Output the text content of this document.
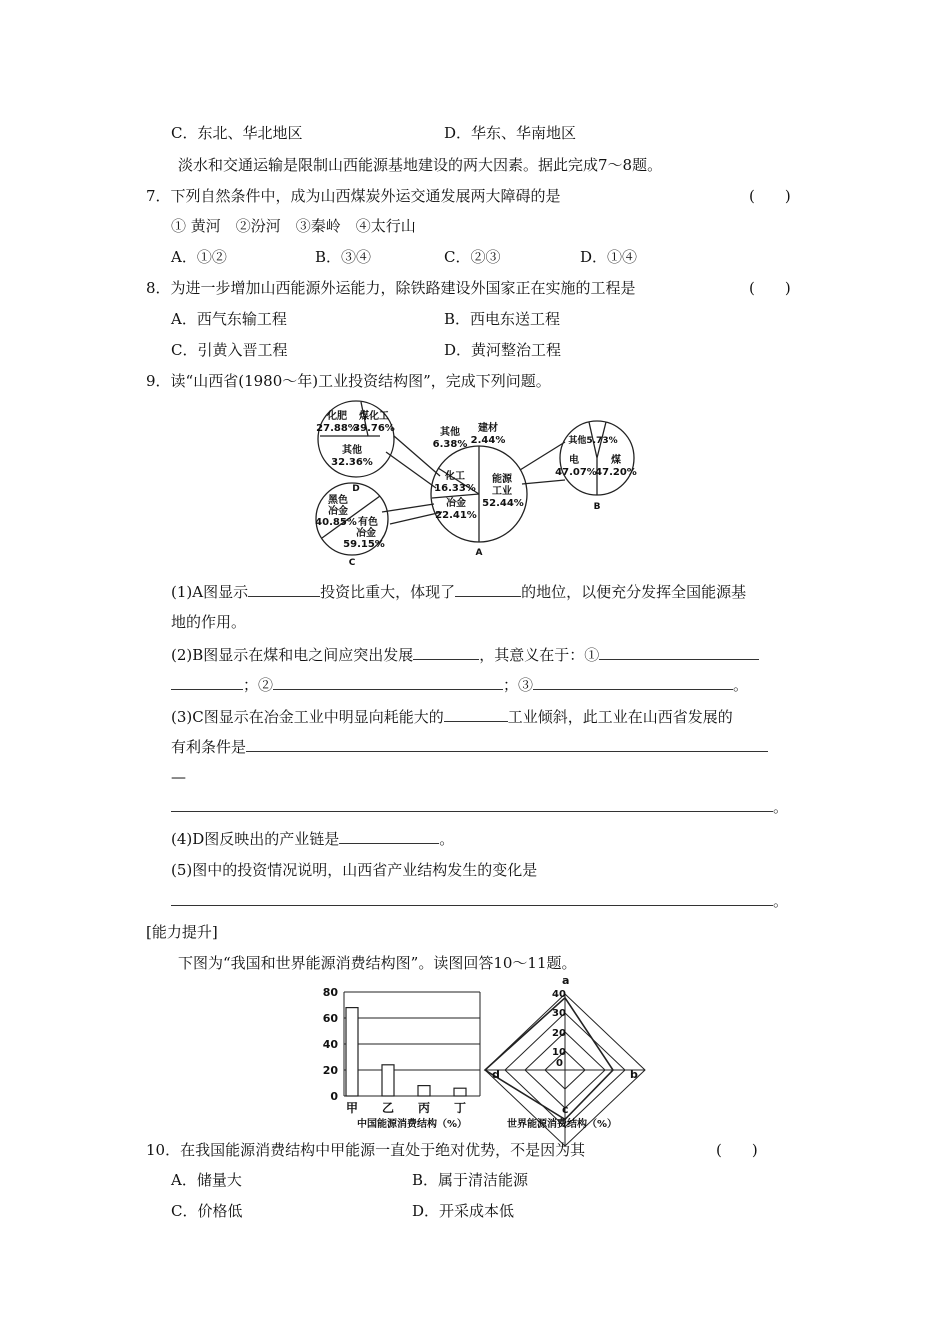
C．东北、华北地区	D．华东、华南地区
淡水和交通运输是限制山西能源基地建设的两大因素。据此完成7～8题。
7．下列自然条件中，成为山西煤炭外运交通发展两大障碍的是	(　　)
① 黄河　②汾河　③秦岭　④太行山
A．①②	B．③④	C．②③	D．①④
8．为进一步增加山西能源外运能力，除铁路建设外国家正在实施的工程是	(　　)
A．西气东输工程	B．西电东送工程
C．引黄入晋工程	D．黄河整治工程
9．读“山西省(1980～年)工业投资结构图”，完成下列问题。
化肥
27.88%
煤化工
39.76%
其他
32.36%
D
黑色
冶金
40.85% 有色
冶金
59.15%
C
其他
6.38%
建材
2.44%
化工
16.33%
冶金
22.41%
能源
工业
52.44%
A
其他5.73%
电
47.07%
煤
47.20%
B
(1)A图显示	投资比重大，体现了	的地位，以便充分发挥全国能源基
地的作用。
(2)B图显示在煤和电之间应突出发展	，其意义在于：①
；②	；③	。
(3)C图显示在冶金工业中明显向耗能大的	工业倾斜，此工业在山西省发展的
有利条件是
—
。
(4)D图反映出的产业链是	。
(5)图中的投资情况说明，山西省产业结构发生的变化是
。
[能力提升]
下图为“我国和世界能源消费结构图”。读图回答10～11题。
0
20
40
60
80
甲 乙 丙 丁
中国能源消费结构（%）
0
10
20
30
40
a
b
c
d
世界能源消费结构（%）
10．在我国能源消费结构中甲能源一直处于绝对优势，不是因为其	(　　)
A．储量大	B．属于清洁能源
C．价格低	D．开采成本低
